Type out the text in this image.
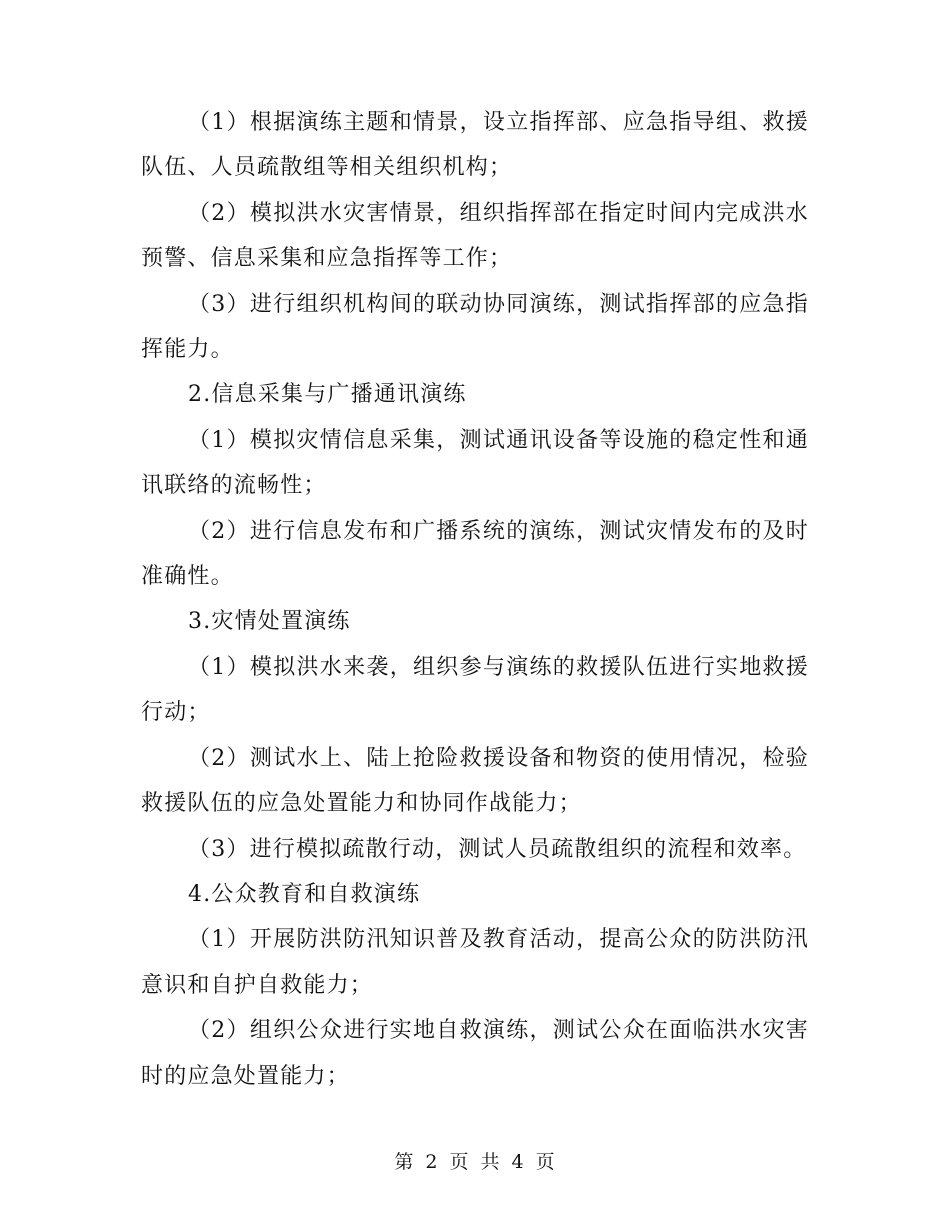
（1）根据演练主题和情景，设立指挥部、应急指导组、救援队伍、人员疏散组等相关组织机构；

（2）模拟洪水灾害情景，组织指挥部在指定时间内完成洪水预警、信息采集和应急指挥等工作；

（3）进行组织机构间的联动协同演练，测试指挥部的应急指挥能力。

2.信息采集与广播通讯演练

（1）模拟灾情信息采集，测试通讯设备等设施的稳定性和通讯联络的流畅性；

（2）进行信息发布和广播系统的演练，测试灾情发布的及时准确性。

3.灾情处置演练

（1）模拟洪水来袭，组织参与演练的救援队伍进行实地救援行动；

（2）测试水上、陆上抢险救援设备和物资的使用情况，检验救援队伍的应急处置能力和协同作战能力；

（3）进行模拟疏散行动，测试人员疏散组织的流程和效率。

4.公众教育和自救演练

（1）开展防洪防汛知识普及教育活动，提高公众的防洪防汛意识和自护自救能力；

（2）组织公众进行实地自救演练，测试公众在面临洪水灾害时的应急处置能力；

第 2 页 共 4 页
